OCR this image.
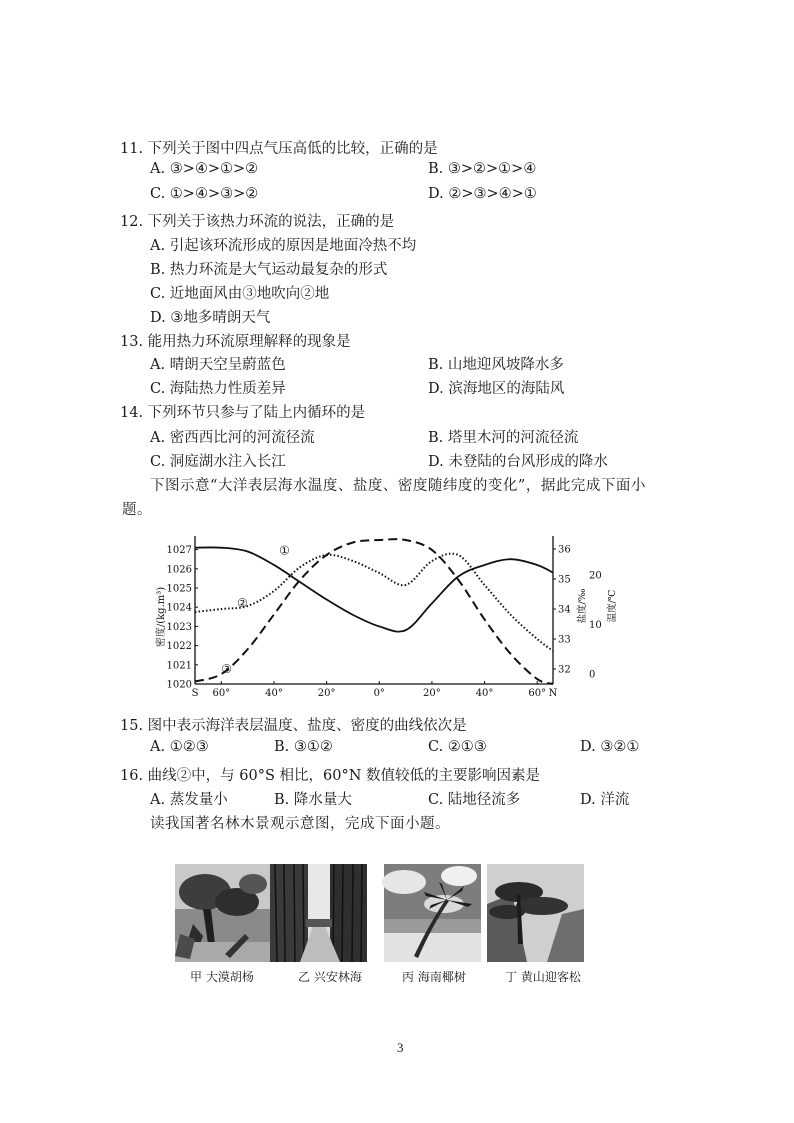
11. 下列关于图中四点气压高低的比较，正确的是
A. ③>④>①>②	B. ③>②>①>④
C. ①>④>③>②	D. ②>③>④>①
12. 下列关于该热力环流的说法，正确的是
A. 引起该环流形成的原因是地面冷热不均
B. 热力环流是大气运动最复杂的形式
C. 近地面风由③地吹向②地
D. ③地多晴朗天气
13. 能用热力环流原理解释的现象是
A. 晴朗天空呈蔚蓝色	B. 山地迎风坡降水多
C. 海陆热力性质差异	D. 滨海地区的海陆风
14. 下列环节只参与了陆上内循环的是
A. 密西西比河的河流径流	B. 塔里木河的河流径流
C. 洞庭湖水注入长江	D. 未登陆的台风形成的降水
下图示意“大洋表层海水温度、盐度、密度随纬度的变化”，据此完成下面小
题。
1027
1026
1025
1024
1023
1022
1021
1020
密度/(kg.m³)
36
35
34
33
32
盐度/‰
20
10
0
温度/℃
S 60°	40°	20°	0°	20°	40°	60° N
①
②
③
15. 图中表示海洋表层温度、盐度、密度的曲线依次是
A. ①②③	B. ③①②	C. ②①③	D. ③②①
16. 曲线②中，与 60°S 相比，60°N 数值较低的主要影响因素是
A. 蒸发量小	B. 降水量大	C. 陆地径流多	D. 洋流
读我国著名林木景观示意图，完成下面小题。
甲 大漠胡杨	乙 兴安林海	丙 海南椰树	丁 黄山迎客松
3
